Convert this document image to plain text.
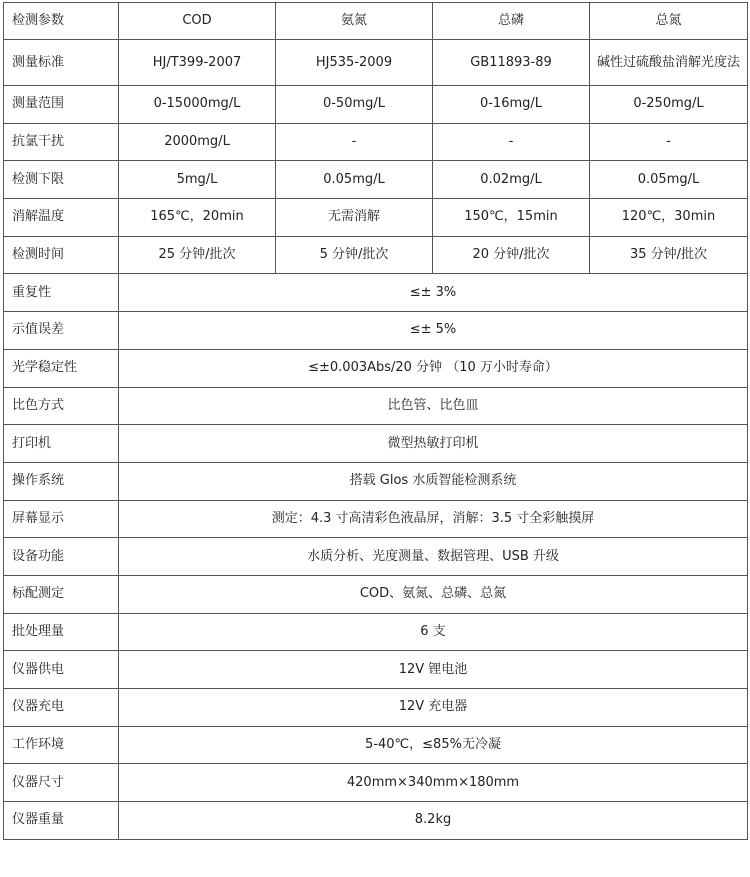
检测参数	COD	氨氮	总磷	总氮
测量标准	HJ/T399-2007	HJ535-2009	GB11893-89	碱性过硫酸盐消解光度法
测量范围	0-15000mg/L	0-50mg/L	0-16mg/L	0-250mg/L
抗氯干扰	2000mg/L	-	-	-
检测下限	5mg/L	0.05mg/L	0.02mg/L	0.05mg/L
消解温度	165℃，20min	无需消解	150℃，15min	120℃，30min
检测时间	25 分钟/批次	5 分钟/批次	20 分钟/批次	35 分钟/批次
重复性	≤± 3%			
示值误差	≤± 5%			
光学稳定性	≤±0.003Abs/20 分钟 （10 万小时寿命）			
比色方式	比色管、比色皿			
打印机	微型热敏打印机			
操作系统	搭载 Glos 水质智能检测系统			
屏幕显示	测定：4.3 寸高清彩色液晶屏，消解：3.5 寸全彩触摸屏			
设备功能	水质分析、光度测量、数据管理、USB 升级			
标配测定	COD、氨氮、总磷、总氮			
批处理量	6 支			
仪器供电	12V 锂电池			
仪器充电	12V 充电器			
工作环境	5-40℃，≤85%无冷凝			
仪器尺寸	420mm×340mm×180mm			
仪器重量	8.2kg			
